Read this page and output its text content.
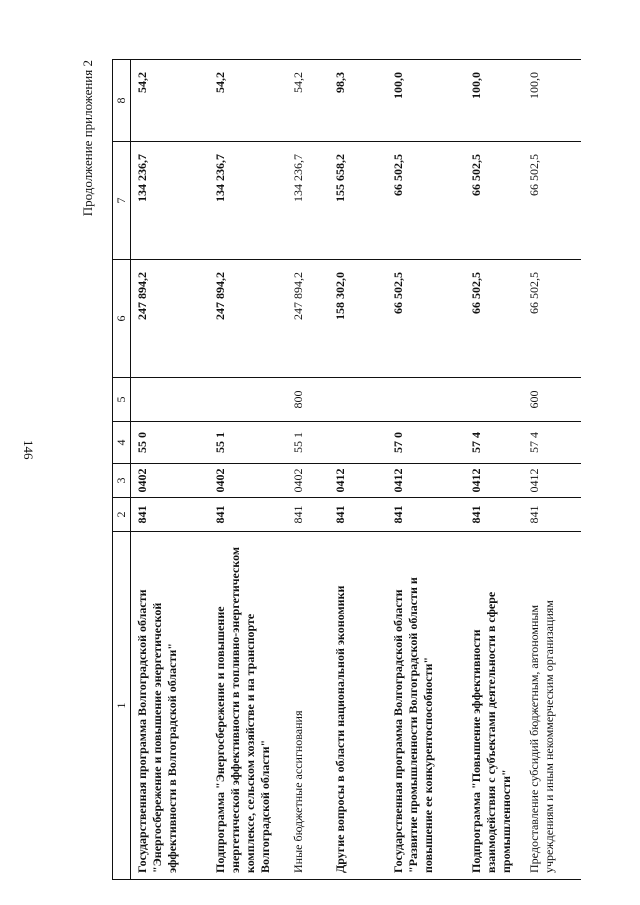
146
Продолжение приложения 2
1	2	3	4	5	6	7	8
Государственная программа Волгоградской области "Энергосбережение и повышение энергетической эффективности в Волгоградской области"	841	0402	55 0		247 894,2	134 236,7	54,2
Подпрограмма "Энергосбережение и повышение энергетической эффективности в топливно-энергетическом комплексе, сельском хозяйстве и на транспорте Волгоградской области"	841	0402	55 1		247 894,2	134 236,7	54,2
Иные бюджетные ассигнования	841	0402	55 1	800	247 894,2	134 236,7	54,2
Другие вопросы в области национальной экономики	841	0412			158 302,0	155 658,2	98,3
Государственная программа Волгоградской области "Развитие промышленности Волгоградской области и повышение ее конкурентоспособности"	841	0412	57 0		66 502,5	66 502,5	100,0
Подпрограмма "Повышение эффективности взаимодействия с субъектами деятельности в сфере промышленности"	841	0412	57 4		66 502,5	66 502,5	100,0
Предоставление субсидий бюджетным, автономным учреждениям и иным некоммерческим организациям	841	0412	57 4	600	66 502,5	66 502,5	100,0
